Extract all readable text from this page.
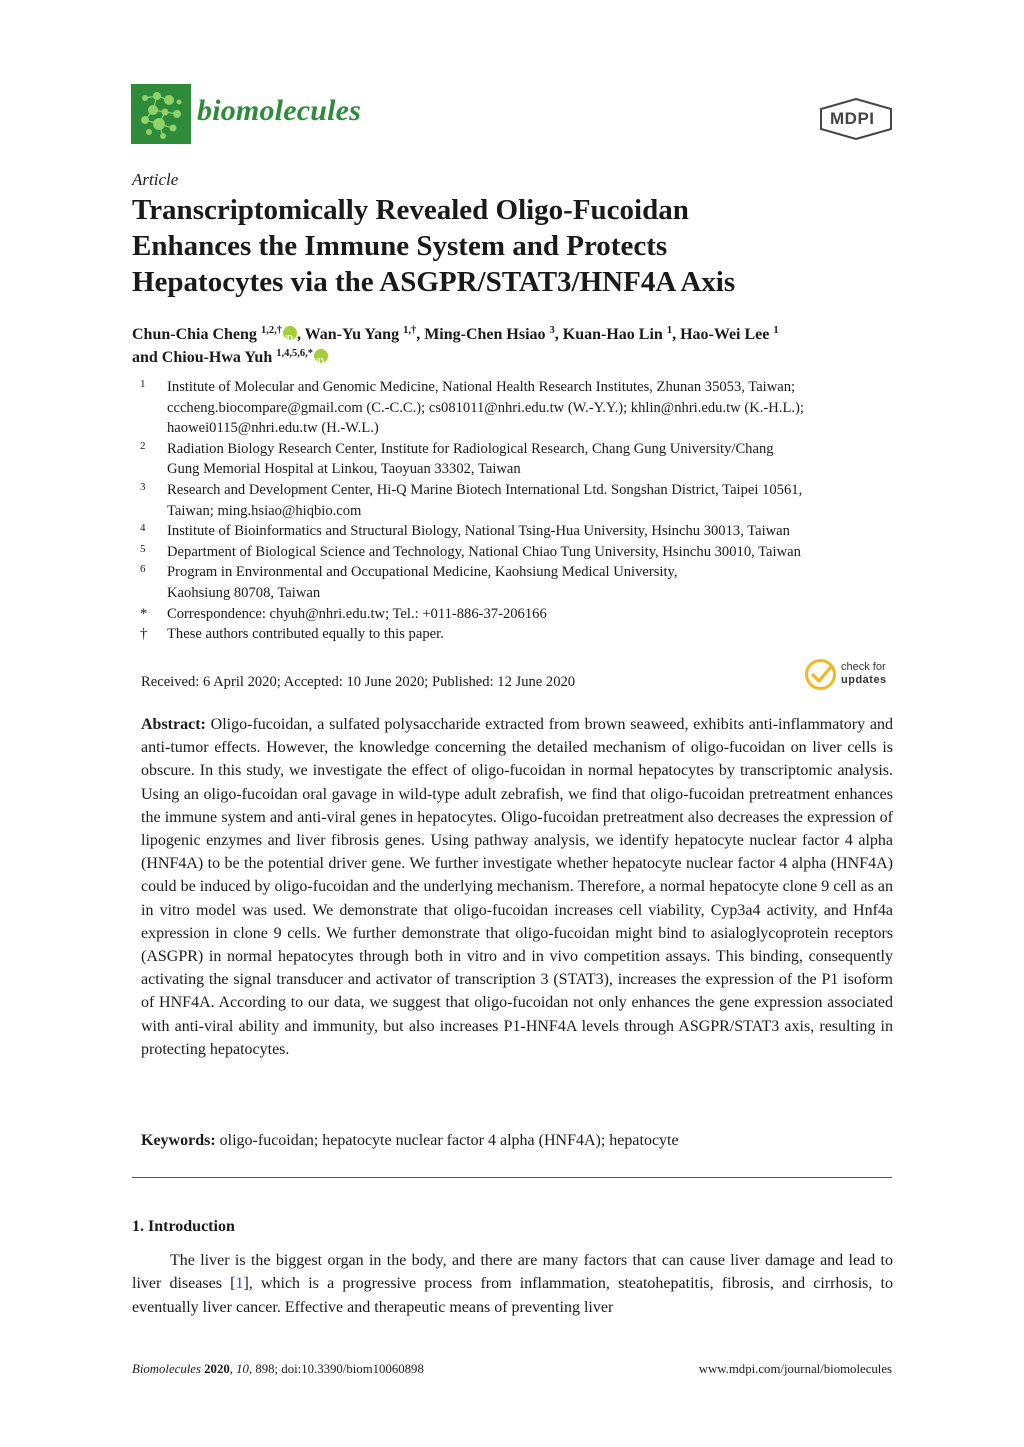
biomolecules	MDPI
Article
Transcriptomically Revealed Oligo-Fucoidan
Enhances the Immune System and Protects
Hepatocytes via the ASGPR/STAT3/HNF4A Axis
Chun-Chia Cheng $^{1,2,\dagger}$iD , Wan-Yu Yang $^{1,\dagger}$, Ming-Chen Hsiao $^3$, Kuan-Hao Lin $^1$, Hao-Wei Lee $^1$
and Chiou-Hwa Yuh $^{1,4,5,6,*}$iD
1 Institute of Molecular and Genomic Medicine, National Health Research Institutes, Zhunan 35053, Taiwan;
cccheng.biocompare@gmail.com (C.-C.C.); cs081011@nhri.edu.tw (W.-Y.Y.); khlin@nhri.edu.tw (K.-H.L.);
haowei0115@nhri.edu.tw (H.-W.L.)
2 Radiation Biology Research Center, Institute for Radiological Research, Chang Gung University/Chang
Gung Memorial Hospital at Linkou, Taoyuan 33302, Taiwan
3 Research and Development Center, Hi-Q Marine Biotech International Ltd. Songshan District, Taipei 10561,
Taiwan; ming.hsiao@hiqbio.com
4 Institute of Bioinformatics and Structural Biology, National Tsing-Hua University, Hsinchu 30013, Taiwan
5 Department of Biological Science and Technology, National Chiao Tung University, Hsinchu 30010, Taiwan
6 Program in Environmental and Occupational Medicine, Kaohsiung Medical University,
Kaohsiung 80708, Taiwan
* Correspondence: chyuh@nhri.edu.tw; Tel.: +011-886-37-206166
† These authors contributed equally to this paper.
Received: 6 April 2020; Accepted: 10 June 2020; Published: 12 June 2020
check for
updates
Abstract: Oligo-fucoidan, a sulfated polysaccharide extracted from brown seaweed, exhibits anti-inflammatory and anti-tumor effects. However, the knowledge concerning the detailed mechanism of oligo-fucoidan on liver cells is obscure. In this study, we investigate the effect of oligo-fucoidan in normal hepatocytes by transcriptomic analysis. Using an oligo-fucoidan oral gavage in wild-type adult zebrafish, we find that oligo-fucoidan pretreatment enhances the immune system and anti-viral genes in hepatocytes. Oligo-fucoidan pretreatment also decreases the expression of lipogenic enzymes and liver fibrosis genes. Using pathway analysis, we identify hepatocyte nuclear factor 4 alpha (HNF4A) to be the potential driver gene. We further investigate whether hepatocyte nuclear factor 4 alpha (HNF4A) could be induced by oligo-fucoidan and the underlying mechanism. Therefore, a normal hepatocyte clone 9 cell as an in vitro model was used. We demonstrate that oligo-fucoidan increases cell viability, Cyp3a4 activity, and Hnf4a expression in clone 9 cells. We further demonstrate that oligo-fucoidan might bind to asialoglycoprotein receptors (ASGPR) in normal hepatocytes through both in vitro and in vivo competition assays. This binding, consequently activating the signal transducer and activator of transcription 3 (STAT3), increases the expression of the P1 isoform of HNF4A. According to our data, we suggest that oligo-fucoidan not only enhances the gene expression associated with anti-viral ability and immunity, but also increases P1-HNF4A levels through ASGPR/STAT3 axis, resulting in protecting hepatocytes.
Keywords: oligo-fucoidan; hepatocyte nuclear factor 4 alpha (HNF4A); hepatocyte
1. Introduction
The liver is the biggest organ in the body, and there are many factors that can cause liver damage and lead to liver diseases [1], which is a progressive process from inflammation, steatohepatitis, fibrosis, and cirrhosis, to eventually liver cancer. Effective and therapeutic means of preventing liver
Biomolecules 2020, 10, 898; doi:10.3390/biom10060898	www.mdpi.com/journal/biomolecules
